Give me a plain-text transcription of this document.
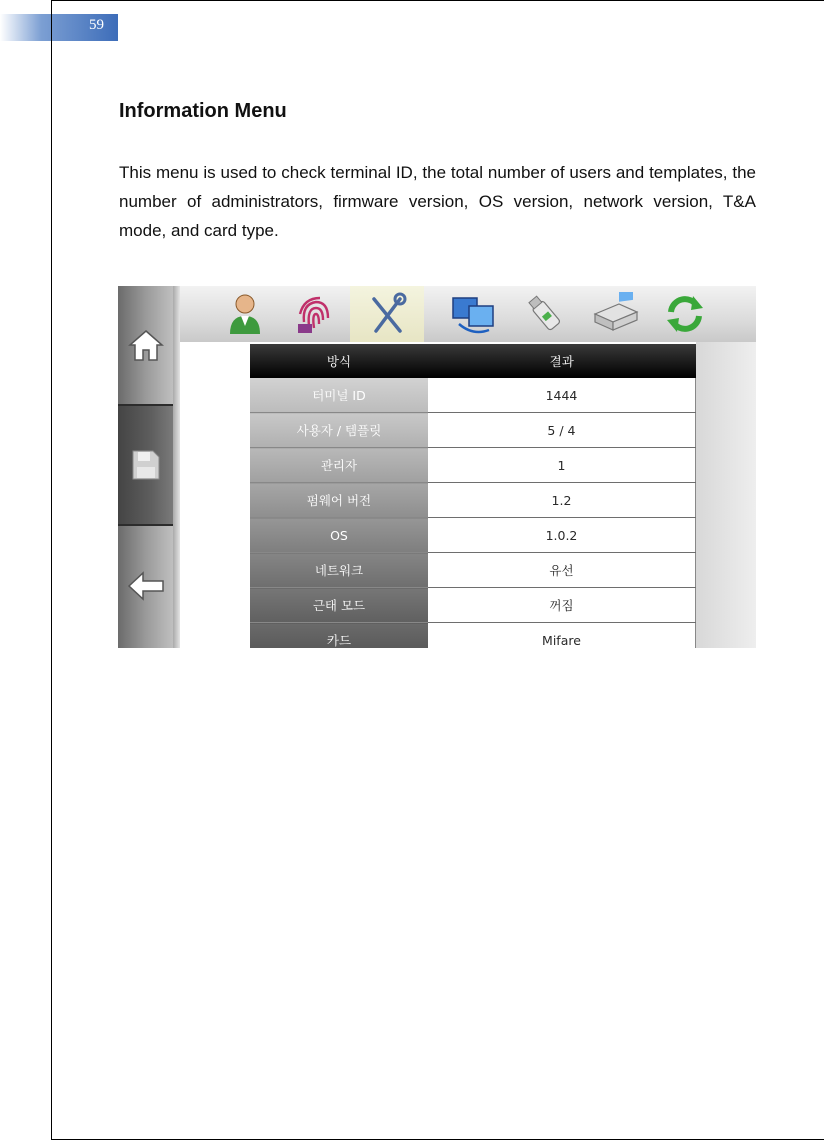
59
Information Menu
This menu is used to check terminal ID, the total number of users and templates, the number of administrators, firmware version, OS version, network version, T&A mode, and card type.
방식	결과
터미널 ID	1444
사용자 / 템플릿	5 / 4
관리자	1
펌웨어 버전	1.2
OS	1.0.2
네트워크	유선
근태 모드	꺼짐
카드	Mifare
